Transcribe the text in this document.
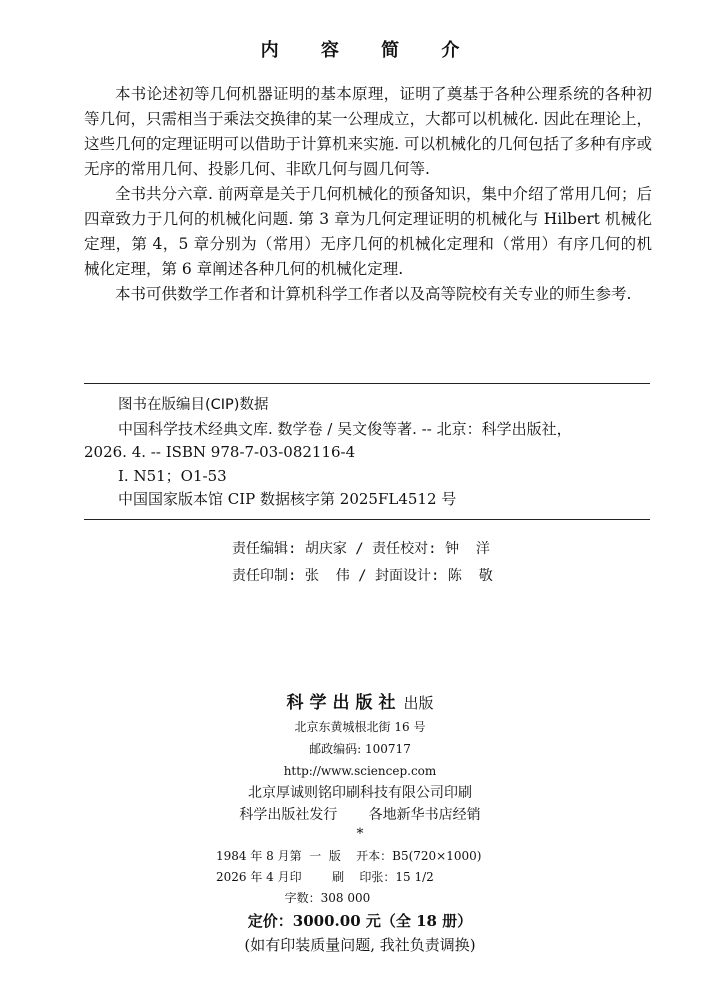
内 容 简 介

本书论述初等几何机器证明的基本原理，证明了奠基于各种公理系统的各种初等几何，只需相当于乘法交换律的某一公理成立，大都可以机械化. 因此在理论上，这些几何的定理证明可以借助于计算机来实施. 可以机械化的几何包括了多种有序或无序的常用几何、投影几何、非欧几何与圆几何等.

全书共分六章. 前两章是关于几何机械化的预备知识，集中介绍了常用几何；后四章致力于几何的机械化问题. 第 3 章为几何定理证明的机械化与 Hilbert 机械化定理，第 4，5 章分别为（常用）无序几何的机械化定理和（常用）有序几何的机械化定理，第 6 章阐述各种几何的机械化定理.

本书可供数学工作者和计算机科学工作者以及高等院校有关专业的师生参考.

图书在版编目(CIP)数据
中国科学技术经典文库. 数学卷 / 吴文俊等著. -- 北京：科学出版社，
2026. 4. -- ISBN 978-7-03-082116-4
Ⅰ. N51；O1-53
中国国家版本馆 CIP 数据核字第 2025FL4512 号
责任编辑: 胡庆家 / 责任校对: 钟  洋
责任印制: 张  伟 / 封面设计: 陈  敬
科学出版社 出版
北京东黄城根北街 16 号
邮政编码: 100717
http://www.sciencep.com
北京厚诚则铭印刷科技有限公司印刷
科学出版社发行       各地新华书店经销
*
1984 年 8 月第  一  版    开本：B5(720×1000)
2026 年 4 月印        刷    印张：15 1/2
字数：308 000
定价：3000.00 元（全 18 册）
(如有印装质量问题, 我社负责调换)
